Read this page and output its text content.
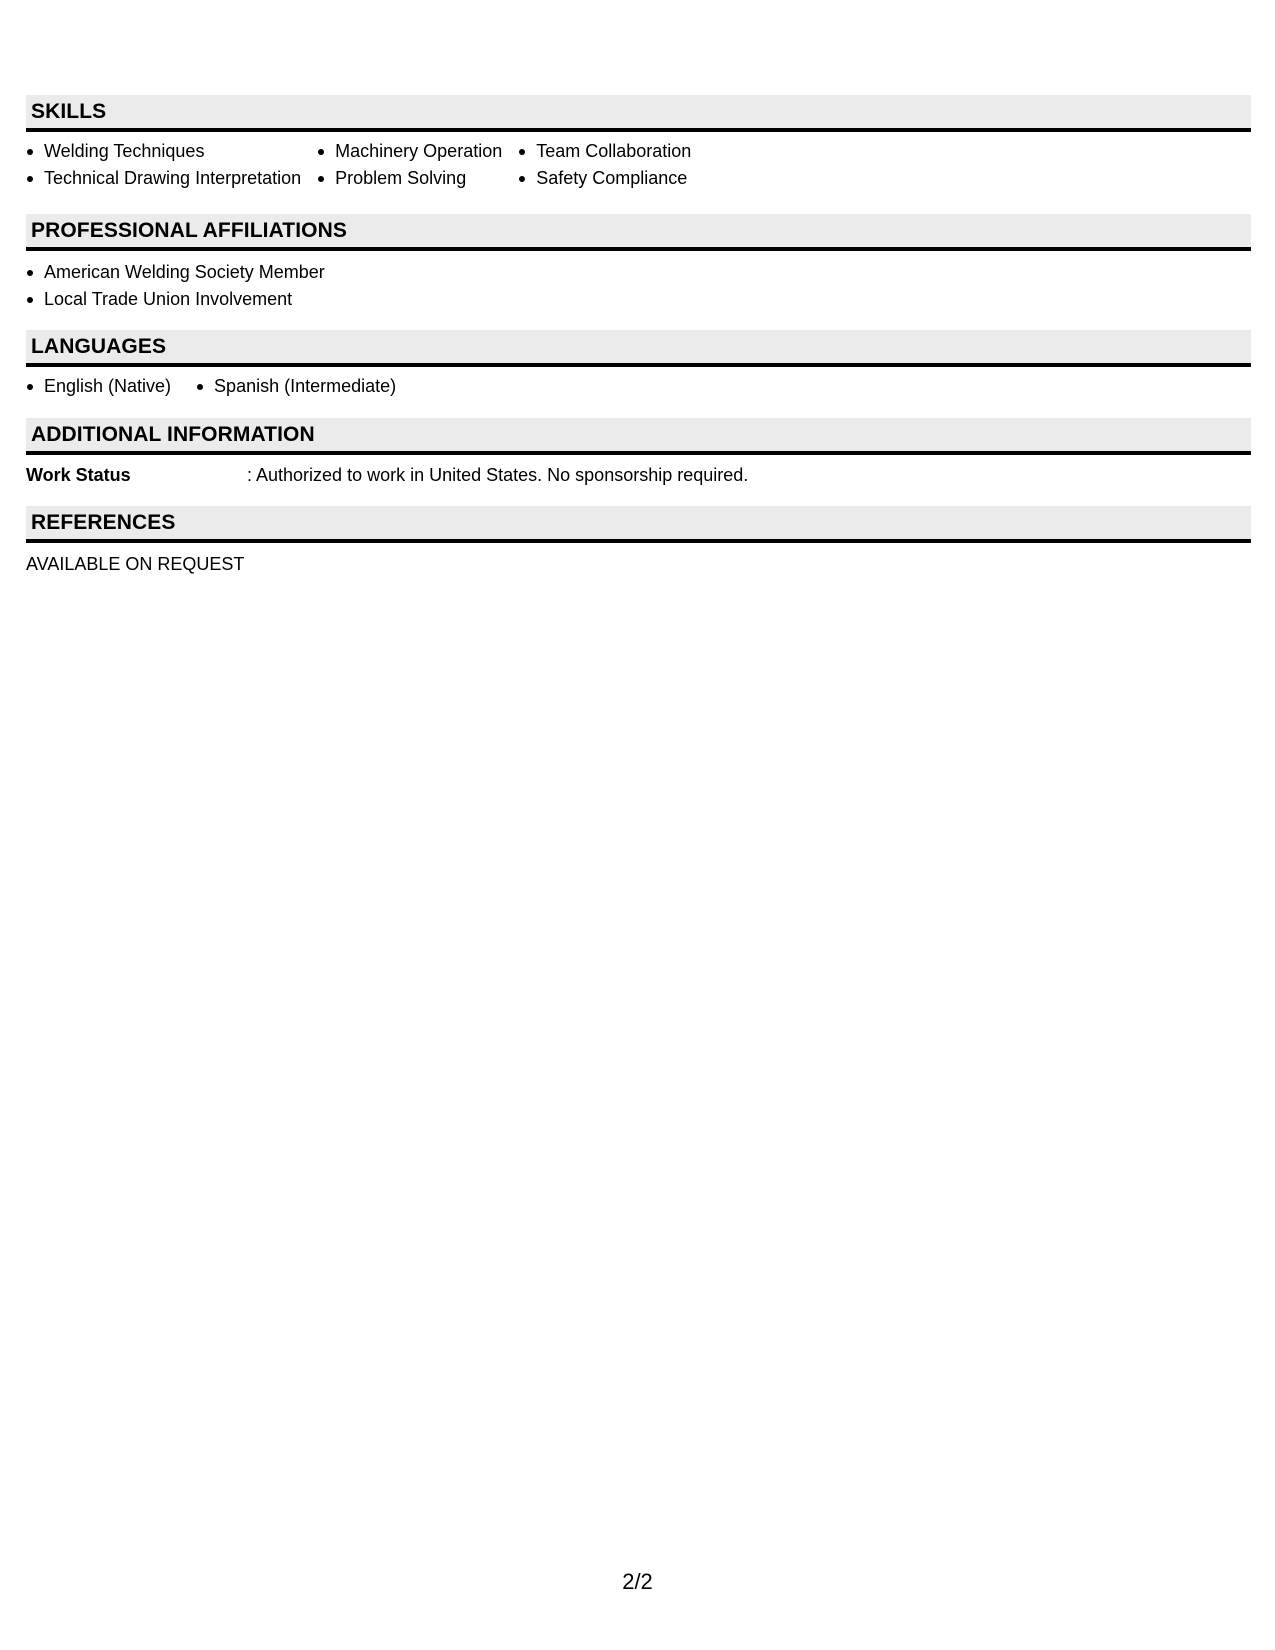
SKILLS
Welding Techniques
Technical Drawing Interpretation
Machinery Operation
Problem Solving
Team Collaboration
Safety Compliance
PROFESSIONAL AFFILIATIONS
American Welding Society Member
Local Trade Union Involvement
LANGUAGES
English (Native)	Spanish (Intermediate)
ADDITIONAL INFORMATION
Work Status	: Authorized to work in United States. No sponsorship required.
REFERENCES
AVAILABLE ON REQUEST
2/2
